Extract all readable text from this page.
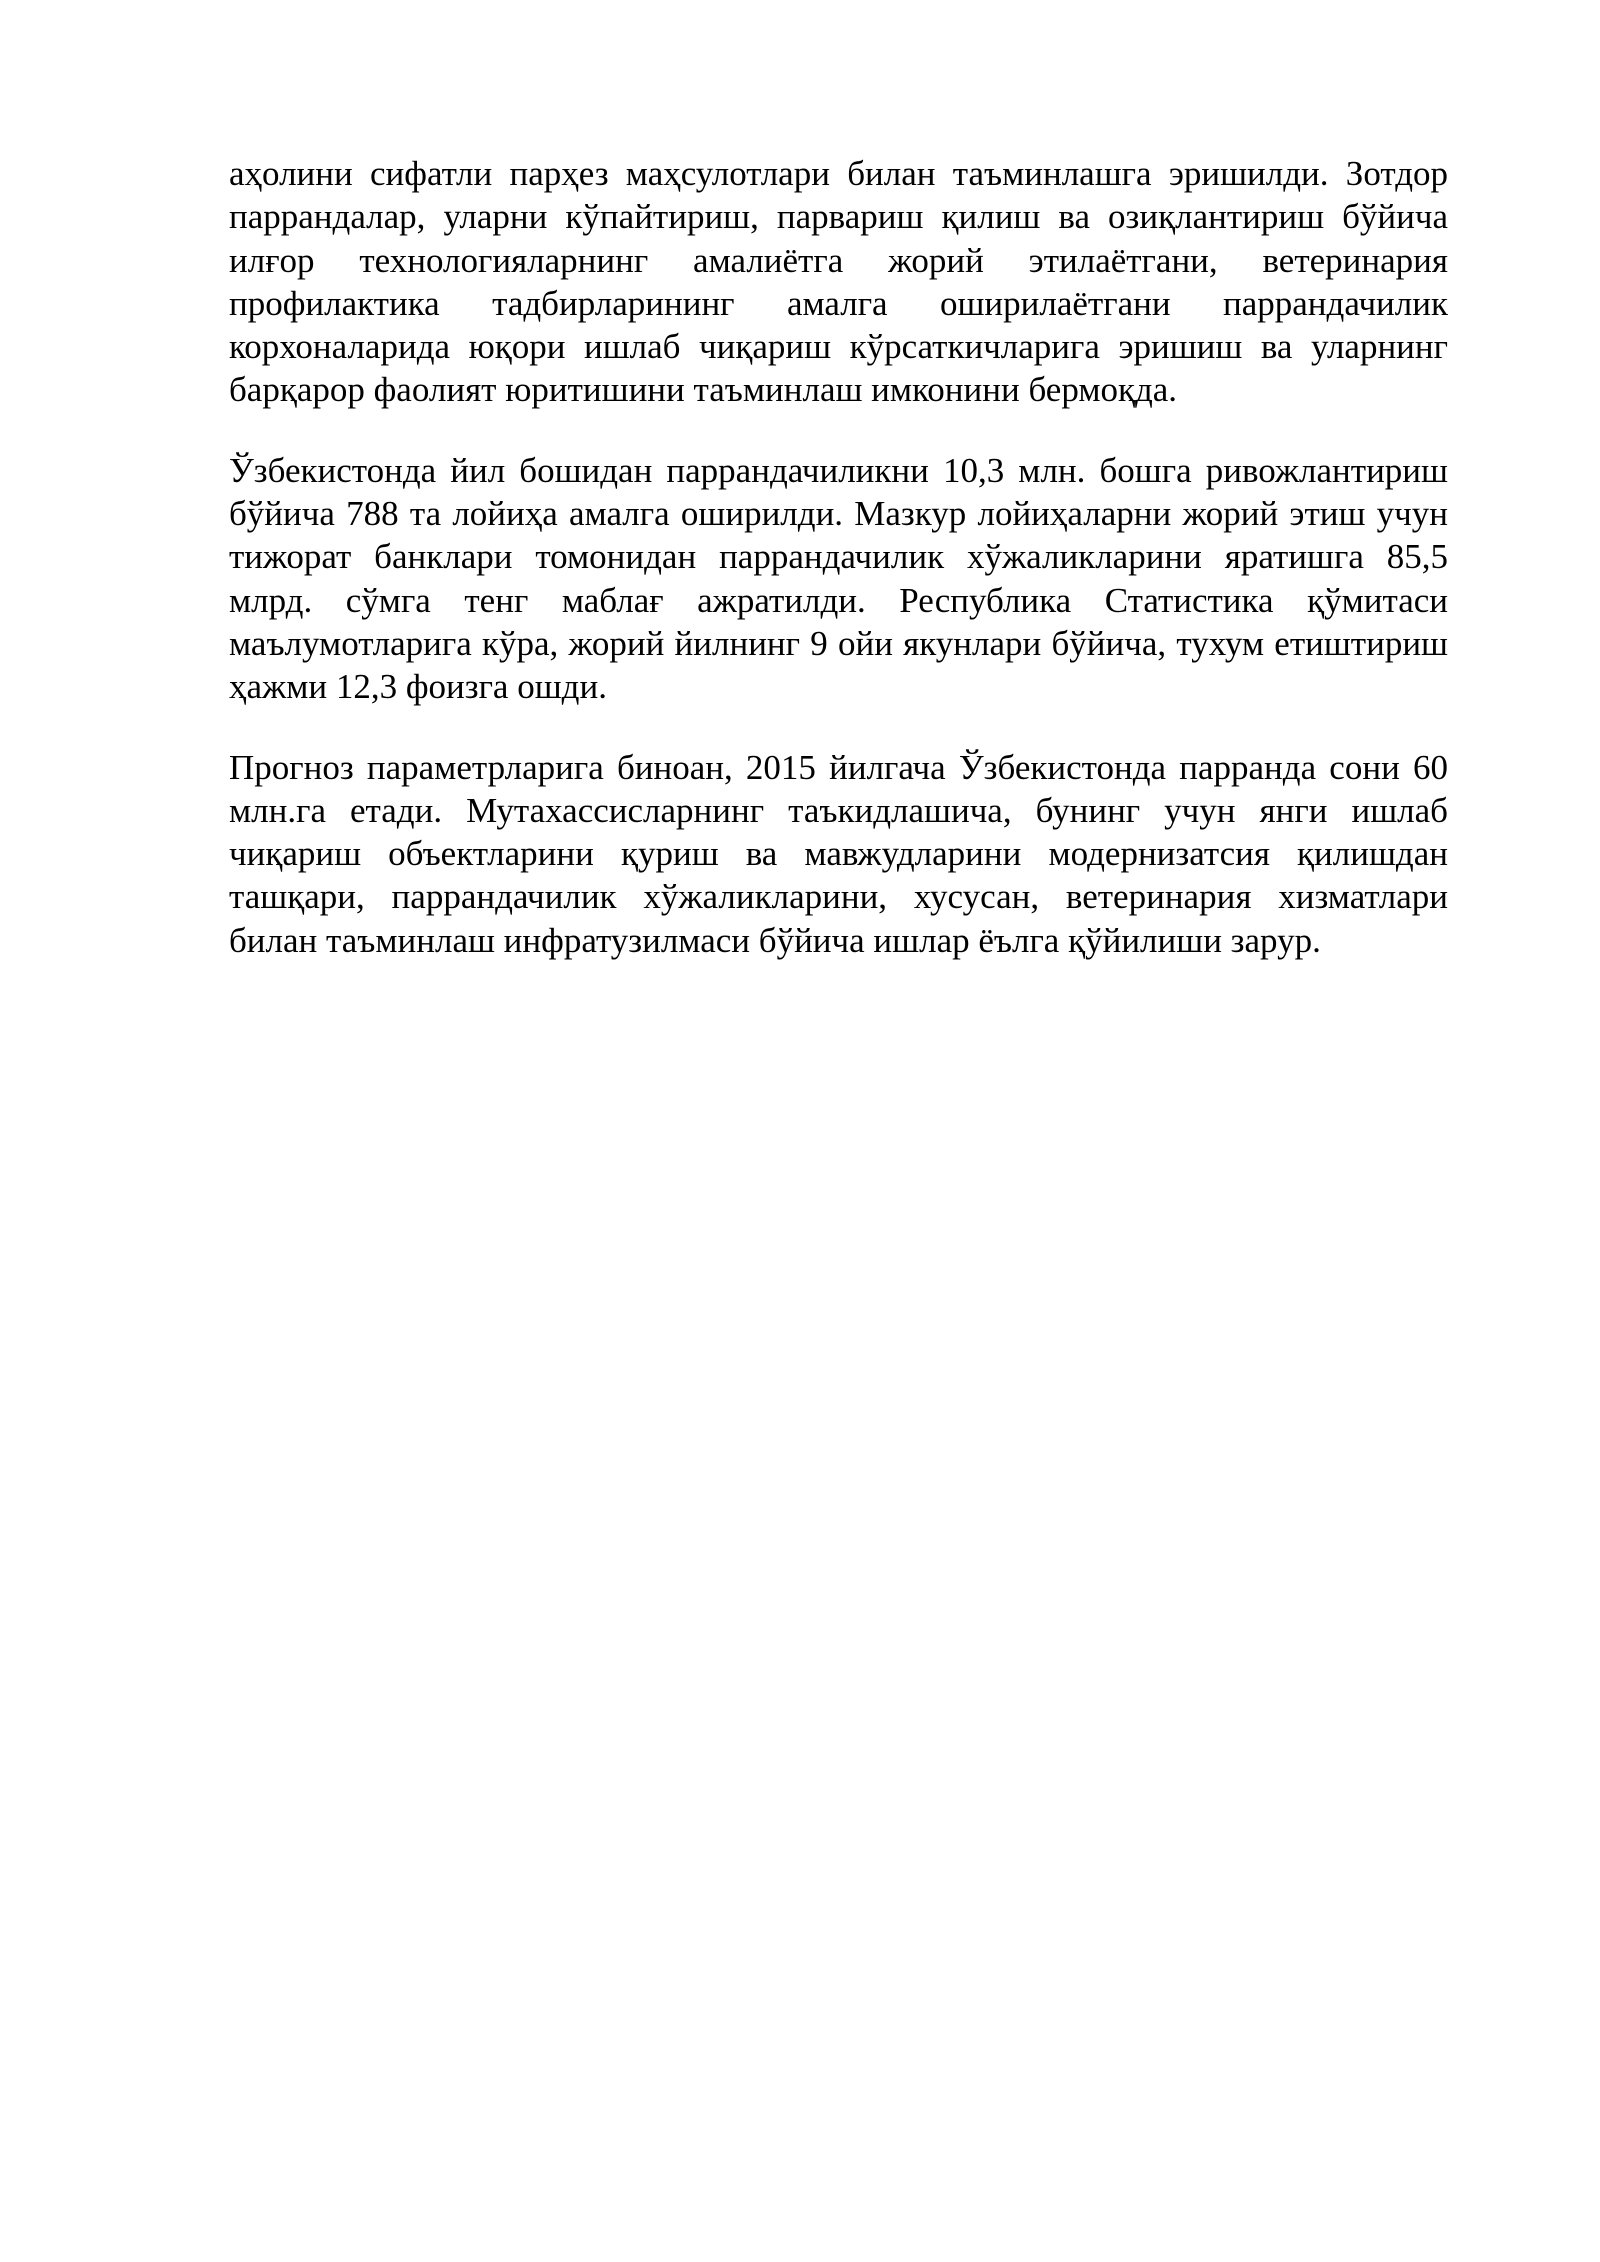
аҳолини сифатли парҳез маҳсулотлари билан таъминлашга эришилди. Зотдор паррандалар, уларни кўпайтириш, парвариш қилиш ва озиқлантириш бўйича илғор технологияларнинг амалиётга жорий этилаётгани, ветеринария профилактика тадбирларининг амалга оширилаётгани паррандачилик корхоналарида юқори ишлаб чиқариш кўрсаткичларига эришиш ва уларнинг барқарор фаолият юритишини таъминлаш имконини бермоқда.

Ўзбекистонда йил бошидан паррандачиликни 10,3 млн. бошга ривожлантириш бўйича 788 та лойиҳа амалга оширилди. Мазкур лойиҳаларни жорий этиш учун тижорат банклари томонидан паррандачилик хўжаликларини яратишга 85,5 млрд. сўмга тенг маблағ ажратилди. Республика Статистика қўмитаси маълумотларига кўра, жорий йилнинг 9 ойи якунлари бўйича, тухум етиштириш ҳажми 12,3 фоизга ошди.

Прогноз параметрларига биноан, 2015 йилгача Ўзбекистонда парранда сони 60 млн.га етади. Мутахассисларнинг таъкидлашича, бунинг учун янги ишлаб чиқариш объектларини қуриш ва мавжудларини модернизатсия қилишдан ташқари, паррандачилик хўжаликларини, хусусан, ветеринария хизматлари билан таъминлаш инфратузилмаси бўйича ишлар ёълга қўйилиши зарур.
